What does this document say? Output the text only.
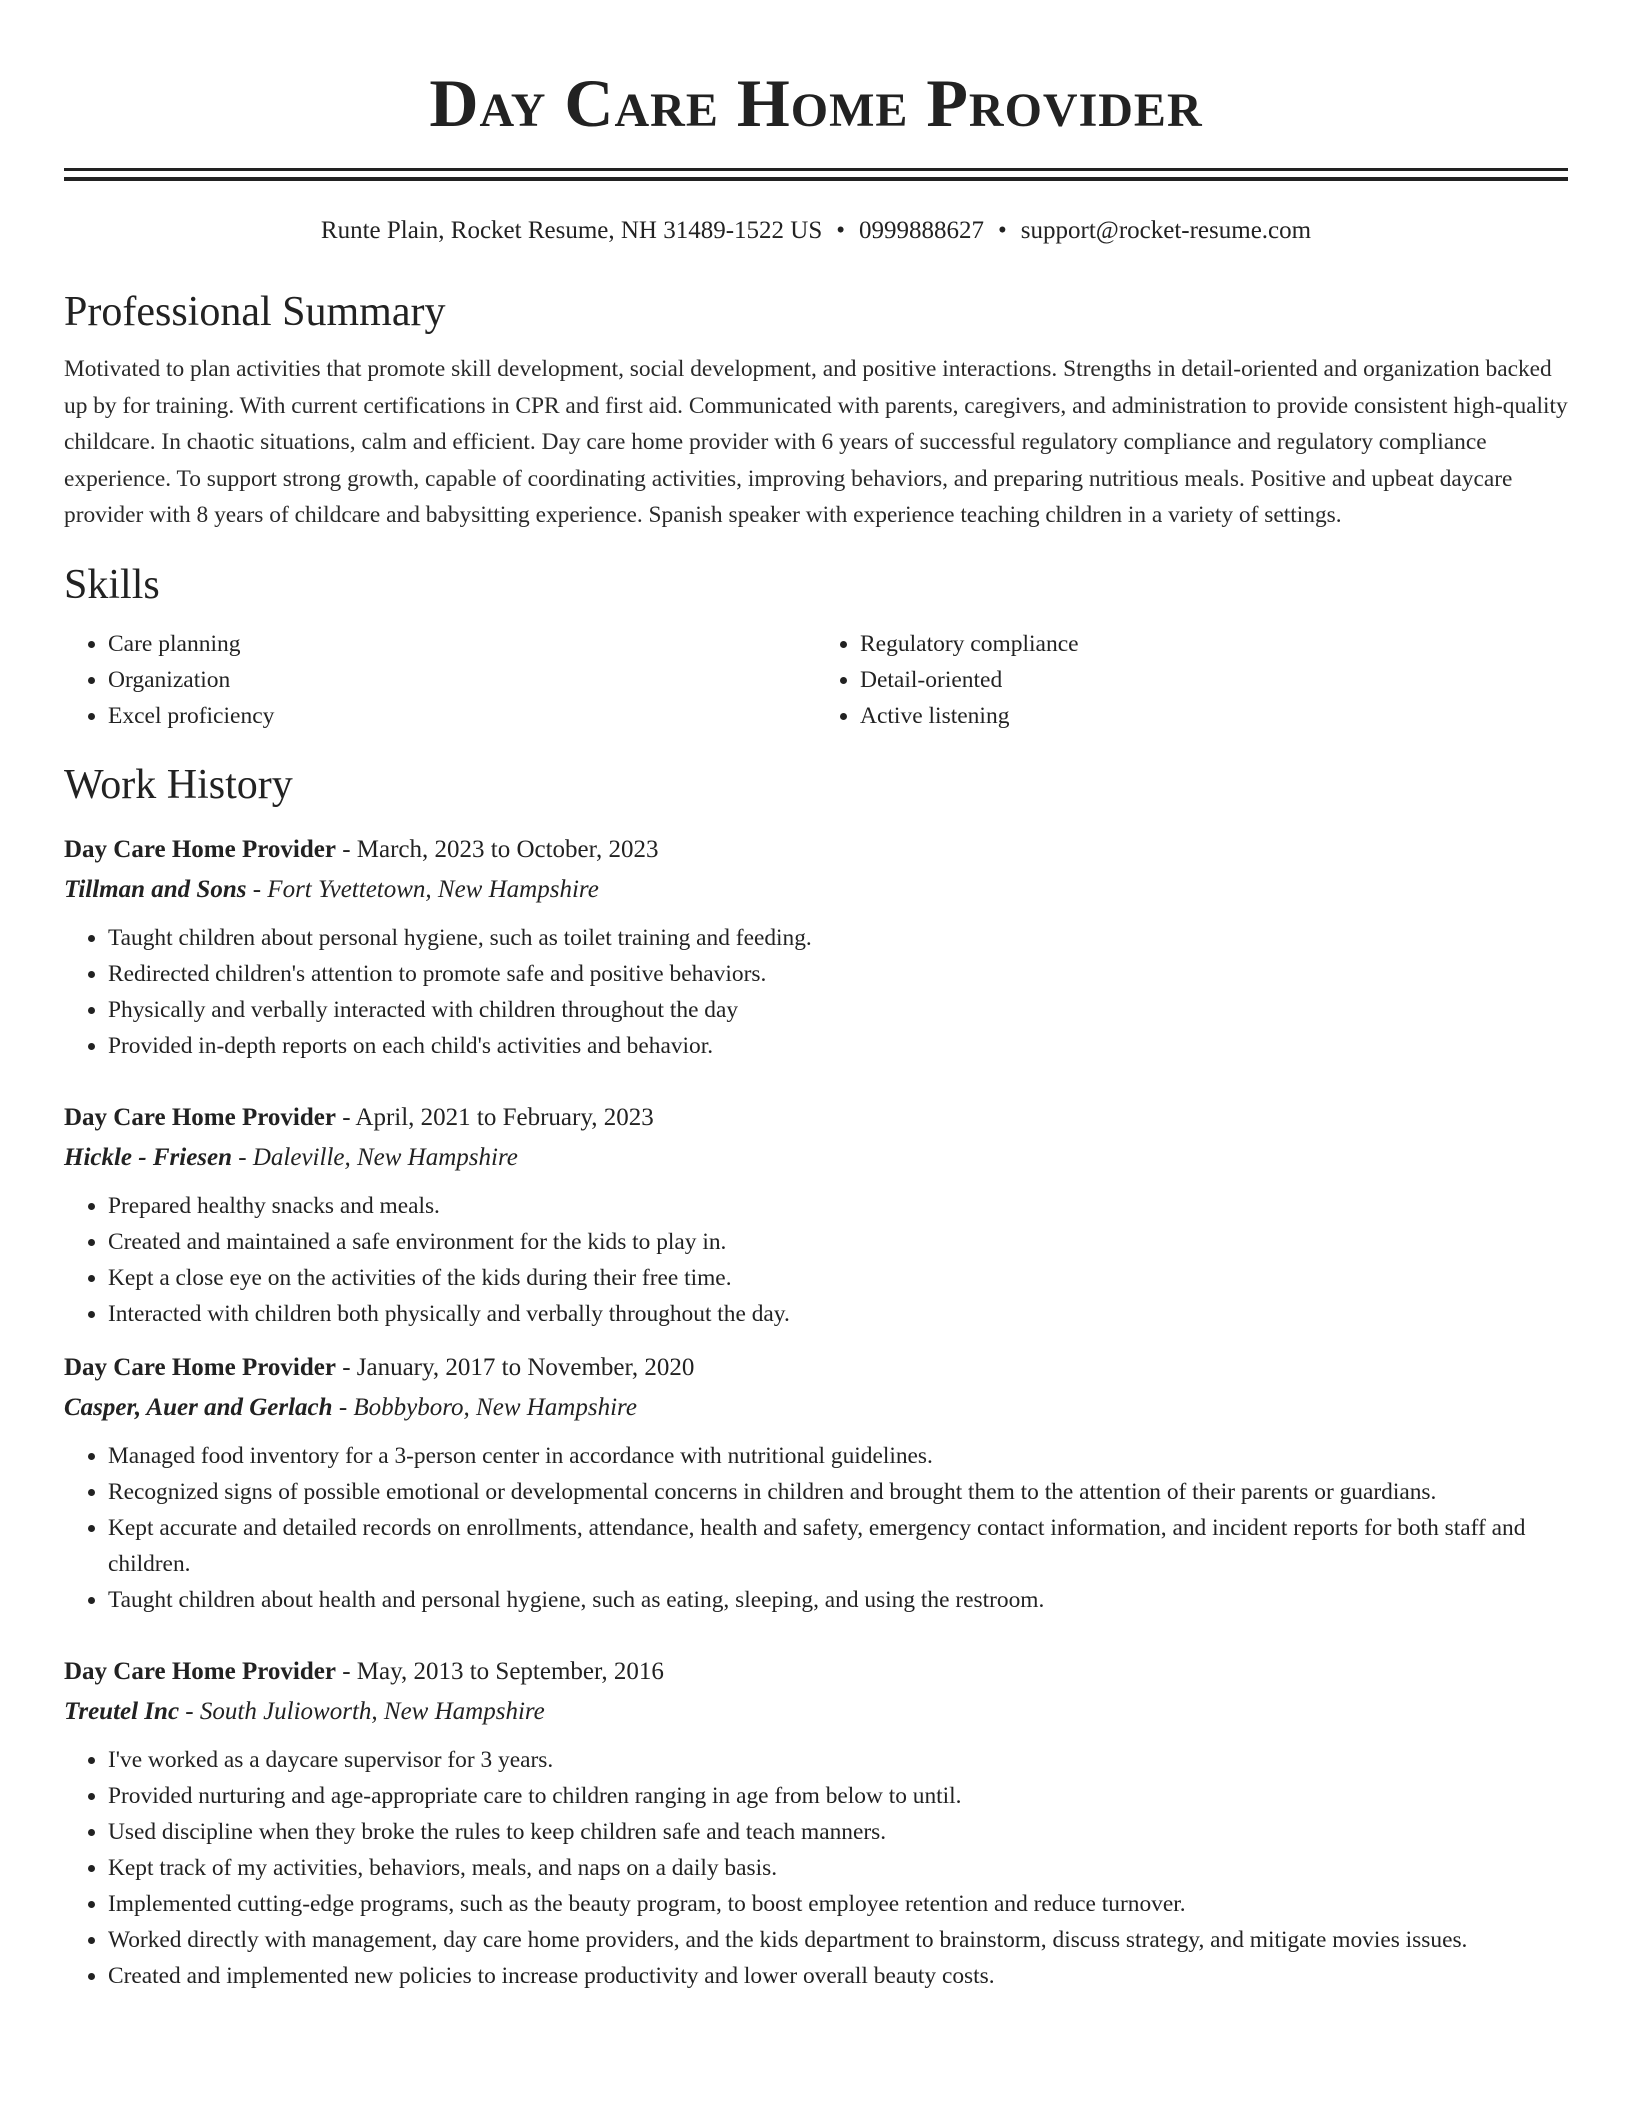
Day Care Home Provider
Runte Plain, Rocket Resume, NH 31489-1522 US • 0999888627 • support@rocket-resume.com
Professional Summary

Motivated to plan activities that promote skill development, social development, and positive interactions. Strengths in detail-oriented and organization backed up by for training. With current certifications in CPR and first aid. Communicated with parents, caregivers, and administration to provide consistent high-quality childcare. In chaotic situations, calm and efficient. Day care home provider with 6 years of successful regulatory compliance and regulatory compliance experience. To support strong growth, capable of coordinating activities, improving behaviors, and preparing nutritious meals. Positive and upbeat daycare provider with 8 years of childcare and babysitting experience. Spanish speaker with experience teaching children in a variety of settings.

Skills
• Care planning
• Organization
• Excel proficiency
• Regulatory compliance
• Detail-oriented
• Active listening
Work History
Day Care Home Provider - March, 2023 to October, 2023
Tillman and Sons - Fort Yvettetown, New Hampshire
• Taught children about personal hygiene, such as toilet training and feeding.
• Redirected children's attention to promote safe and positive behaviors.
• Physically and verbally interacted with children throughout the day
• Provided in-depth reports on each child's activities and behavior.
Day Care Home Provider - April, 2021 to February, 2023
Hickle - Friesen - Daleville, New Hampshire
• Prepared healthy snacks and meals.
• Created and maintained a safe environment for the kids to play in.
• Kept a close eye on the activities of the kids during their free time.
• Interacted with children both physically and verbally throughout the day.
Day Care Home Provider - January, 2017 to November, 2020
Casper, Auer and Gerlach - Bobbyboro, New Hampshire
• Managed food inventory for a 3-person center in accordance with nutritional guidelines.
• Recognized signs of possible emotional or developmental concerns in children and brought them to the attention of their parents or guardians.
• Kept accurate and detailed records on enrollments, attendance, health and safety, emergency contact information, and incident reports for both staff and children.
• Taught children about health and personal hygiene, such as eating, sleeping, and using the restroom.
Day Care Home Provider - May, 2013 to September, 2016
Treutel Inc - South Julioworth, New Hampshire
• I've worked as a daycare supervisor for 3 years.
• Provided nurturing and age-appropriate care to children ranging in age from below to until.
• Used discipline when they broke the rules to keep children safe and teach manners.
• Kept track of my activities, behaviors, meals, and naps on a daily basis.
• Implemented cutting-edge programs, such as the beauty program, to boost employee retention and reduce turnover.
• Worked directly with management, day care home providers, and the kids department to brainstorm, discuss strategy, and mitigate movies issues.
• Created and implemented new policies to increase productivity and lower overall beauty costs.
